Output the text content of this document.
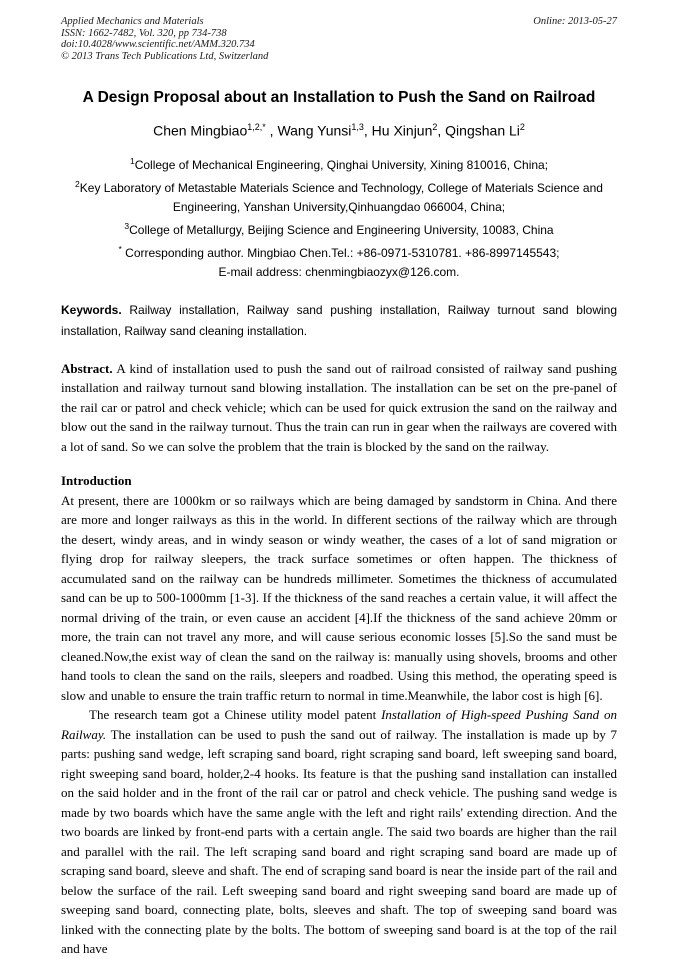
Applied Mechanics and Materials
ISSN: 1662-7482, Vol. 320, pp 734-738
doi:10.4028/www.scientific.net/AMM.320.734
© 2013 Trans Tech Publications Ltd, Switzerland
Online: 2013-05-27
A Design Proposal about an Installation to Push the Sand on Railroad
Chen Mingbiao$^{1,2,*}$ , Wang Yunsi$^{1,3}$, Hu Xinjun$^2$, Qingshan Li$^2$
$^1$College of Mechanical Engineering, Qinghai University, Xining 810016, China;
$^2$Key Laboratory of Metastable Materials Science and Technology, College of Materials Science and Engineering, Yanshan University,Qinhuangdao 066004, China;
$^3$College of Metallurgy, Beijing Science and Engineering University, 10083, China
* Corresponding author. Mingbiao Chen.Tel.: +86-0971-5310781. +86-8997145543;
E-mail address: chenmingbiaozyx@126.com.

Keywords. Railway installation, Railway sand pushing installation, Railway turnout sand blowing installation, Railway sand cleaning installation.

Abstract. A kind of installation used to push the sand out of railroad consisted of railway sand pushing installation and railway turnout sand blowing installation. The installation can be set on the pre-panel of the rail car or patrol and check vehicle; which can be used for quick extrusion the sand on the railway and blow out the sand in the railway turnout. Thus the train can run in gear when the railways are covered with a lot of sand. So we can solve the problem that the train is blocked by the sand on the railway.

Introduction

At present, there are 1000km or so railways which are being damaged by sandstorm in China. And there are more and longer railways as this in the world. In different sections of the railway which are through the desert, windy areas, and in windy season or windy weather, the cases of a lot of sand migration or flying drop for railway sleepers, the track surface sometimes or often happen. The thickness of accumulated sand on the railway can be hundreds millimeter. Sometimes the thickness of accumulated sand can be up to 500-1000mm [1-3]. If the thickness of the sand reaches a certain value, it will affect the normal driving of the train, or even cause an accident [4].If the thickness of the sand achieve 20mm or more, the train can not travel any more, and will cause serious economic losses [5].So the sand must be cleaned.Now,the exist way of clean the sand on the railway is: manually using shovels, brooms and other hand tools to clean the sand on the rails, sleepers and roadbed. Using this method, the operating speed is slow and unable to ensure the train traffic return to normal in time.Meanwhile, the labor cost is high [6].

The research team got a Chinese utility model patent Installation of High-speed Pushing Sand on Railway. The installation can be used to push the sand out of railway. The installation is made up by 7 parts: pushing sand wedge, left scraping sand board, right scraping sand board, left sweeping sand board, right sweeping sand board, holder,2-4 hooks. Its feature is that the pushing sand installation can installed on the said holder and in the front of the rail car or patrol and check vehicle. The pushing sand wedge is made by two boards which have the same angle with the left and right rails' extending direction. And the two boards are linked by front-end parts with a certain angle. The said two boards are higher than the rail and parallel with the rail. The left scraping sand board and right scraping sand board are made up of scraping sand board, sleeve and shaft. The end of scraping sand board is near the inside part of the rail and below the surface of the rail. Left sweeping sand board and right sweeping sand board are made up of sweeping sand board, connecting plate, bolts, sleeves and shaft. The top of sweeping sand board was linked with the connecting plate by the bolts. The bottom of sweeping sand board is at the top of the rail and have
